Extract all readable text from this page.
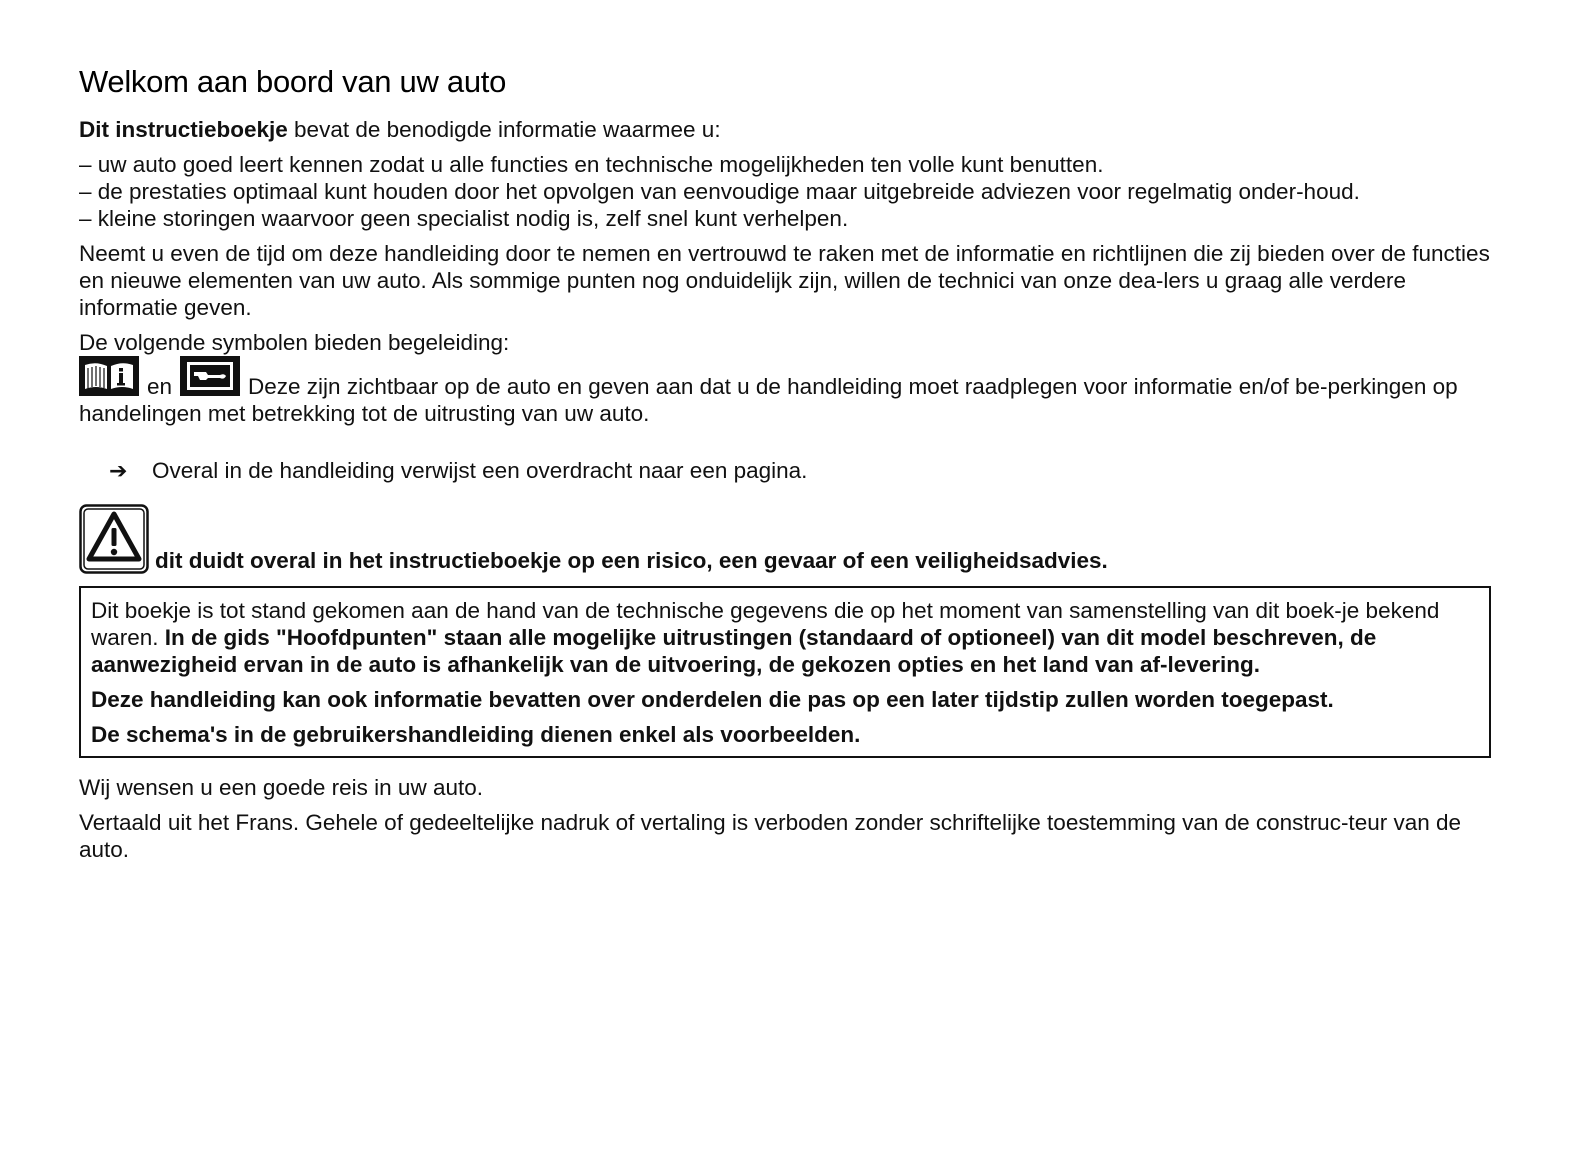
Welkom aan boord van uw auto

Dit instructieboekje bevat de benodigde informatie waarmee u:

– uw auto goed leert kennen zodat u alle functies en technische mogelijkheden ten volle kunt benutten.

– de prestaties optimaal kunt houden door het opvolgen van eenvoudige maar uitgebreide adviezen voor regelmatig onder-houd.

– kleine storingen waarvoor geen specialist nodig is, zelf snel kunt verhelpen.

Neemt u even de tijd om deze handleiding door te nemen en vertrouwd te raken met de informatie en richtlijnen die zij bieden over de functies en nieuwe elementen van uw auto. Als sommige punten nog onduidelijk zijn, willen de technici van onze dea-lers u graag alle verdere informatie geven.

De volgende symbolen bieden begeleiding:

en	Deze zijn zichtbaar op de auto en geven aan dat u de handleiding moet raadplegen voor informatie en/of be-perkingen op handelingen met betrekking tot de uitrusting van uw auto.
➔	Overal in de handleiding verwijst een overdracht naar een pagina.
dit duidt overal in het instructieboekje op een risico, een gevaar of een veiligheidsadvies.

Dit boekje is tot stand gekomen aan de hand van de technische gegevens die op het moment van samenstelling van dit boek-je bekend waren. In de gids "Hoofdpunten" staan alle mogelijke uitrustingen (standaard of optioneel) van dit model beschreven, de aanwezigheid ervan in de auto is afhankelijk van de uitvoering, de gekozen opties en het land van af-levering.

Deze handleiding kan ook informatie bevatten over onderdelen die pas op een later tijdstip zullen worden toegepast.

De schema's in de gebruikershandleiding dienen enkel als voorbeelden.

Wij wensen u een goede reis in uw auto.

Vertaald uit het Frans. Gehele of gedeeltelijke nadruk of vertaling is verboden zonder schriftelijke toestemming van de construc-teur van de auto.
